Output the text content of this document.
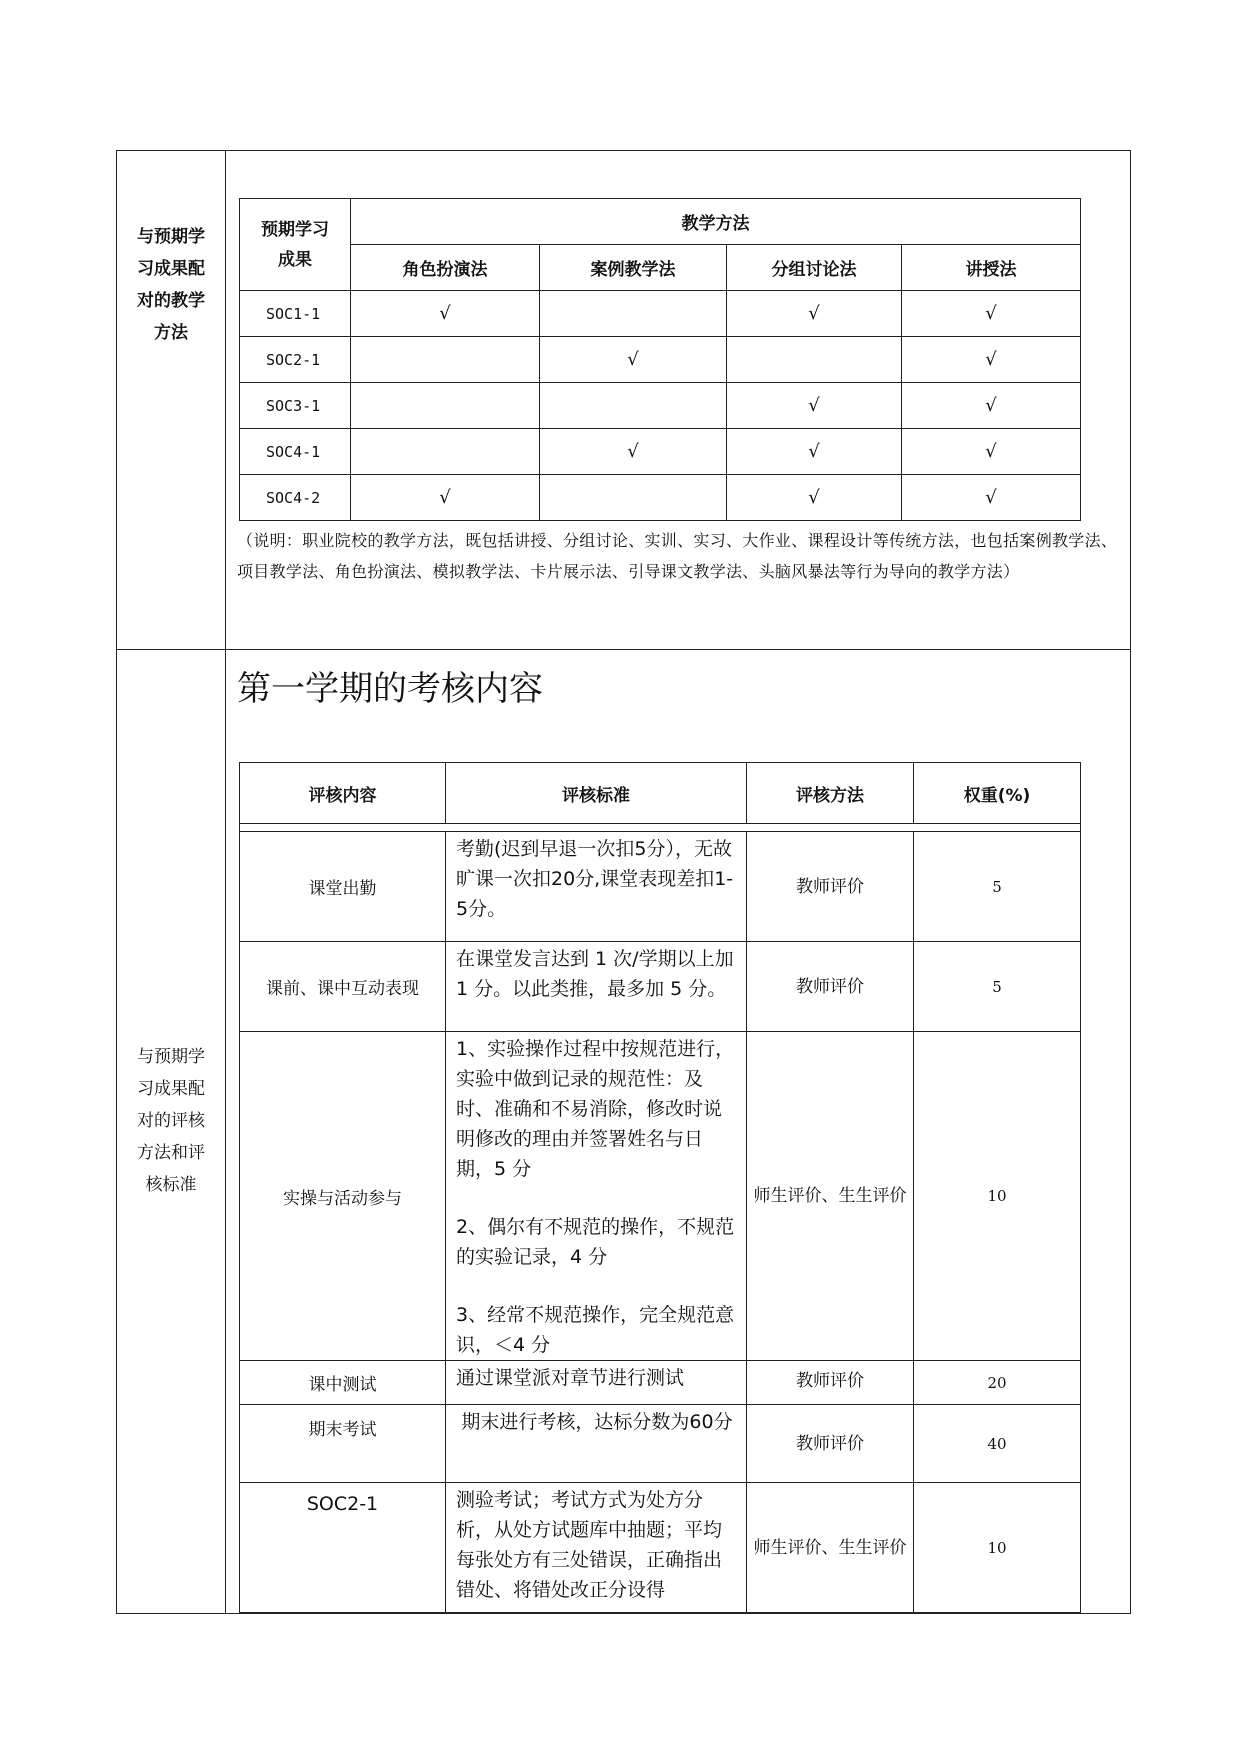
与预期学
习成果配
对的教学
方法
预期学习
成果	教学方法			
	角色扮演法	案例教学法	分组讨论法	讲授法
SOC1-1	√		√	√
SOC2-1		√		√
SOC3-1			√	√
SOC4-1		√	√	√
SOC4-2	√		√	√
（说明：职业院校的教学方法，既包括讲授、分组讨论、实训、实习、大作业、课程设计等传统方法，也包括案例教学法、项目教学法、角色扮演法、模拟教学法、卡片展示法、引导课文教学法、头脑风暴法等行为导向的教学方法）
与预期学
习成果配
对的评核
方法和评
核标准
第一学期的考核内容
评核内容	评核标准	评核方法	权重(%)

课堂出勤	考勤(迟到早退一次扣5分），无故旷课一次扣20分,课堂表现差扣1-5分。	教师评价	5
课前、课中互动表现	在课堂发言达到 1 次/学期以上加 1 分。以此类推，最多加 5 分。	教师评价	5
实操与活动参与	1、实验操作过程中按规范进行，实验中做到记录的规范性：及时、准确和不易消除，修改时说明修改的理由并签署姓名与日期，5 分

2、偶尔有不规范的操作，不规范的实验记录，4 分

3、经常不规范操作，完全规范意识，＜4 分	师生评价、生生评价	10
课中测试	通过课堂派对章节进行测试	教师评价	20
期末考试	期末进行考核，达标分数为60分	教师评价	40
SOC2-1	测验考试；考试方式为处方分析，从处方试题库中抽题；平均每张处方有三处错误，正确指出错处、将错处改正分设得	师生评价、生生评价	10
